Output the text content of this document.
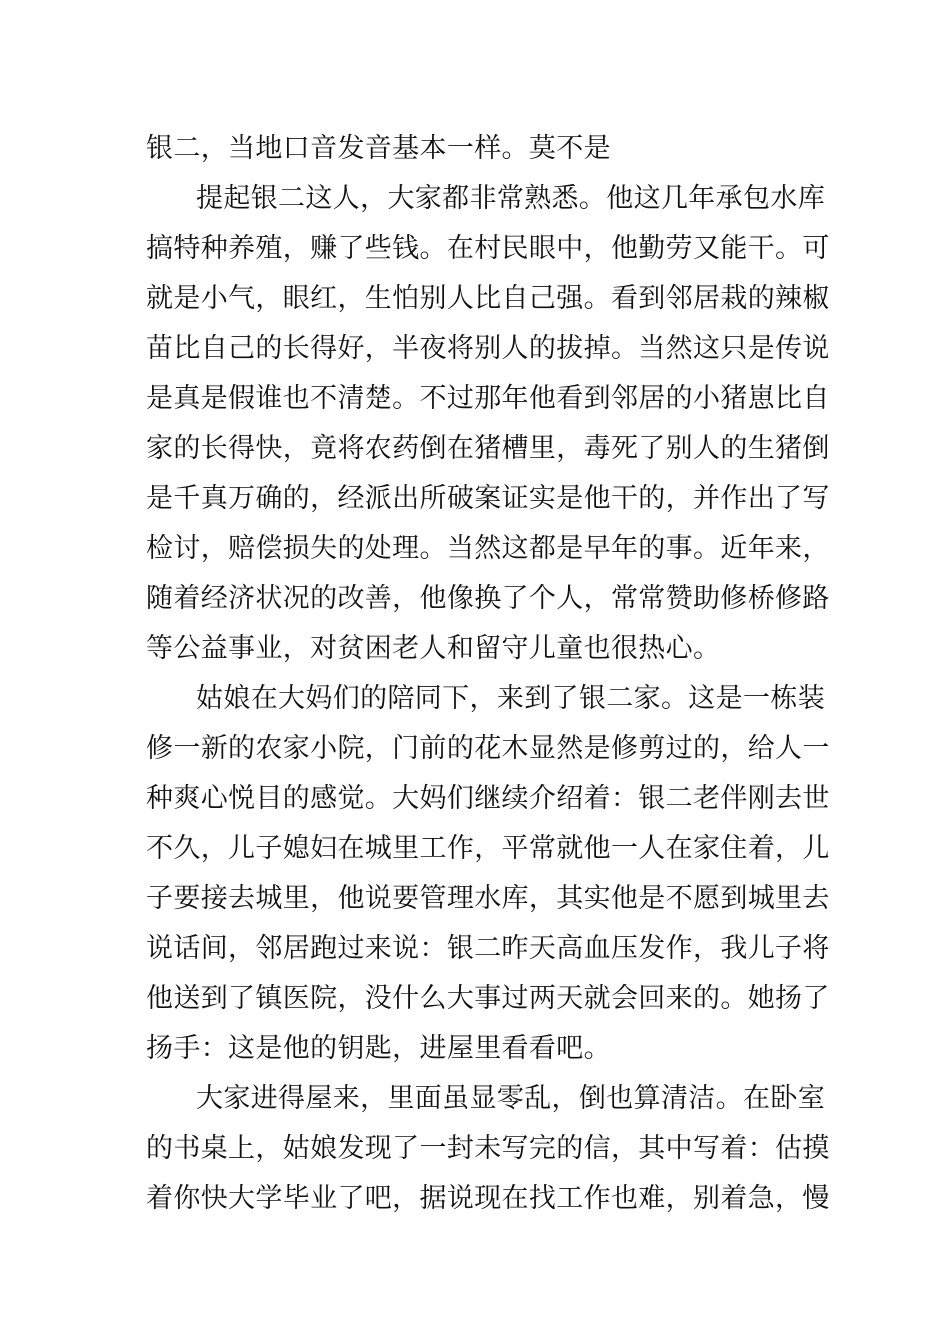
银二，当地口音发音基本一样。莫不是
提起银二这人，大家都非常熟悉。他这几年承包水库
搞特种养殖，赚了些钱。在村民眼中，他勤劳又能干。可
就是小气，眼红，生怕别人比自己强。看到邻居栽的辣椒
苗比自己的长得好，半夜将别人的拔掉。当然这只是传说
是真是假谁也不清楚。不过那年他看到邻居的小猪崽比自
家的长得快，竟将农药倒在猪槽里，毒死了别人的生猪倒
是千真万确的，经派出所破案证实是他干的，并作出了写
检讨，赔偿损失的处理。当然这都是早年的事。近年来，
随着经济状况的改善，他像换了个人，常常赞助修桥修路
等公益事业，对贫困老人和留守儿童也很热心。
姑娘在大妈们的陪同下，来到了银二家。这是一栋装
修一新的农家小院，门前的花木显然是修剪过的，给人一
种爽心悦目的感觉。大妈们继续介绍着：银二老伴刚去世
不久，儿子媳妇在城里工作，平常就他一人在家住着，儿
子要接去城里，他说要管理水库，其实他是不愿到城里去
说话间，邻居跑过来说：银二昨天高血压发作，我儿子将
他送到了镇医院，没什么大事过两天就会回来的。她扬了
扬手：这是他的钥匙，进屋里看看吧。
大家进得屋来，里面虽显零乱，倒也算清洁。在卧室
的书桌上，姑娘发现了一封未写完的信，其中写着：估摸
着你快大学毕业了吧，据说现在找工作也难，别着急，慢
